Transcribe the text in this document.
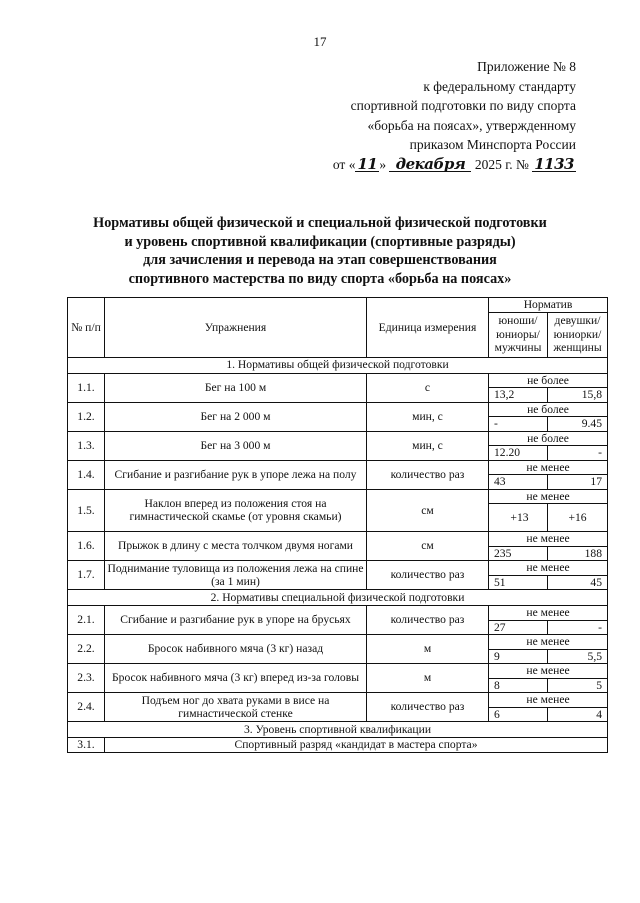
17
Приложение № 8
к федеральному стандарту
спортивной подготовки по виду спорта
«борьба на поясах», утвержденному
приказом Минспорта России
от « 11 » декабря 2025 г. № 1133
Нормативы общей физической и специальной физической подготовки
и уровень спортивной квалификации (спортивные разряды)
для зачисления и перевода на этап совершенствования
спортивного мастерства по виду спорта «борьба на поясах»
№ п/п	Упражнения	Единица измерения	Норматив	
			юноши/ юниоры/ мужчины	девушки/ юниорки/ женщины
1. Нормативы общей физической подготовки				
1.1.	Бег на 100 м	с	не более	
			13,2	15,8
1.2.	Бег на 2 000 м	мин, с	не более	
			-	9.45
1.3.	Бег на 3 000 м	мин, с	не более	
			12.20	-
1.4.	Сгибание и разгибание рук в упоре лежа на полу	количество раз	не менее	
			43	17
1.5.	Наклон вперед из положения стоя на гимнастической скамье (от уровня скамьи)	см	не менее	
			+13	+16
1.6.	Прыжок в длину с места толчком двумя ногами	см	не менее	
			235	188
1.7.	Поднимание туловища из положения лежа на спине (за 1 мин)	количество раз	не менее	
			51	45
2. Нормативы специальной физической подготовки				
2.1.	Сгибание и разгибание рук в упоре на брусьях	количество раз	не менее	
			27	-
2.2.	Бросок набивного мяча (3 кг) назад	м	не менее	
			9	5,5
2.3.	Бросок набивного мяча (3 кг) вперед из-за головы	м	не менее	
			8	5
2.4.	Подъем ног до хвата руками в висе на гимнастической стенке	количество раз	не менее	
			6	4
3. Уровень спортивной квалификации				
3.1.	Спортивный разряд «кандидат в мастера спорта»			
